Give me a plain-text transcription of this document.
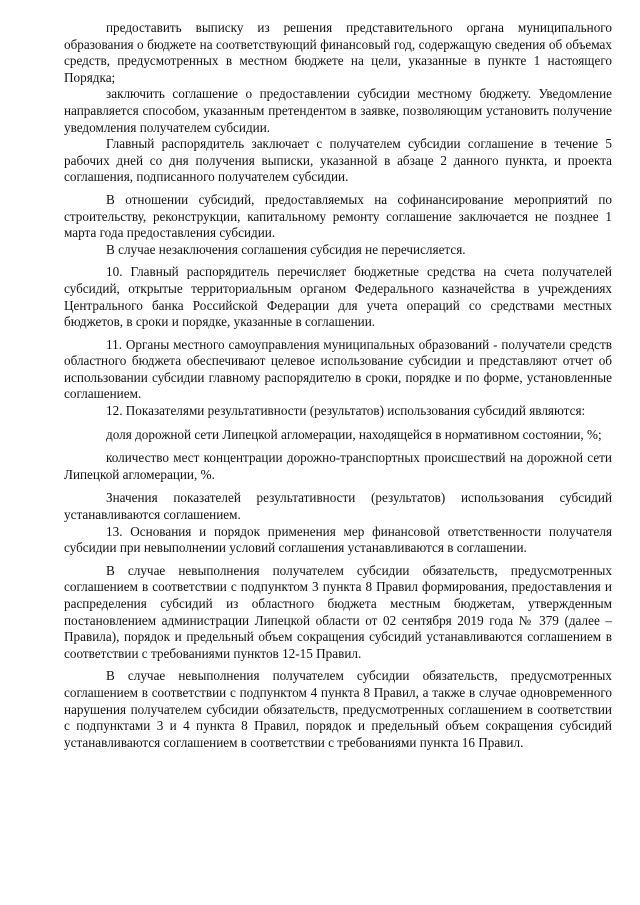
предоставить выписку из решения представительного органа муниципального образования о бюджете на соответствующий финансовый год, содержащую сведения об объемах средств, предусмотренных в местном бюджете на цели, указанные в пункте 1 настоящего Порядка;

заключить соглашение о предоставлении субсидии местному бюджету. Уведомление направляется способом, указанным претендентом в заявке, позволяющим установить получение уведомления получателем субсидии.

Главный распорядитель заключает с получателем субсидии соглашение в течение 5 рабочих дней со дня получения выписки, указанной в абзаце 2 данного пункта, и проекта соглашения, подписанного получателем субсидии.

В отношении субсидий, предоставляемых на софинансирование мероприятий по строительству, реконструкции, капитальному ремонту соглашение заключается не позднее 1 марта года предоставления субсидии.

В случае незаключения соглашения субсидия не перечисляется.

10. Главный распорядитель перечисляет бюджетные средства на счета получателей субсидий, открытые территориальным органом Федерального казначейства в учреждениях Центрального банка Российской Федерации для учета операций со средствами местных бюджетов, в сроки и порядке, указанные в соглашении.

11. Органы местного самоуправления муниципальных образований - получатели средств областного бюджета обеспечивают целевое использование субсидии и представляют отчет об использовании субсидии главному распорядителю в сроки, порядке и по форме, установленные соглашением.

12. Показателями результативности (результатов) использования субсидий являются:

доля дорожной сети Липецкой агломерации, находящейся в нормативном состоянии, %;

количество мест концентрации дорожно-транспортных происшествий на дорожной сети Липецкой агломерации, %.

Значения показателей результативности (результатов) использования субсидий устанавливаются соглашением.

13. Основания и порядок применения мер финансовой ответственности получателя субсидии при невыполнении условий соглашения устанавливаются в соглашении.

В случае невыполнения получателем субсидии обязательств, предусмотренных соглашением в соответствии с подпунктом 3 пункта 8 Правил формирования, предоставления и распределения субсидий из областного бюджета местным бюджетам, утвержденным постановлением администрации Липецкой области от 02 сентября 2019 года № 379 (далее – Правила), порядок и предельный объем сокращения субсидий устанавливаются соглашением в соответствии с требованиями пунктов 12-15 Правил.

В случае невыполнения получателем субсидии обязательств, предусмотренных соглашением в соответствии с подпунктом 4 пункта 8 Правил, а также в случае одновременного нарушения получателем субсидии обязательств, предусмотренных соглашением в соответствии с подпунктами 3 и 4 пункта 8 Правил, порядок и предельный объем сокращения субсидий устанавливаются соглашением в соответствии с требованиями пункта 16 Правил.
